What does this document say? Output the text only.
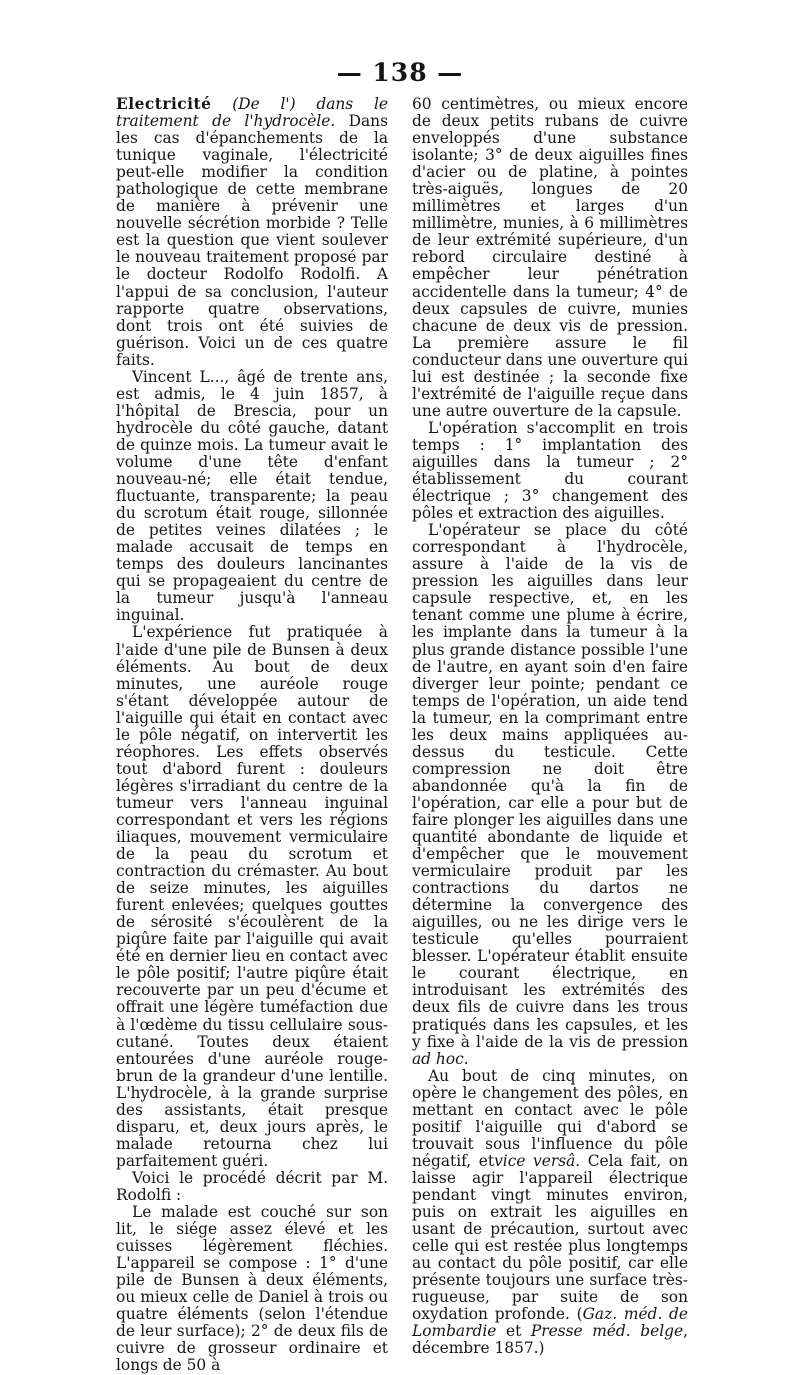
— 138 —

Electricité (De l') dans le traitement de l'hydrocèle. Dans les cas d'épanchements de la tunique vaginale, l'électricité peut-elle modifier la condition pathologique de cette membrane de manière à prévenir une nouvelle sécrétion morbide ? Telle est la question que vient soulever le nouveau traitement proposé par le docteur Rodolfo Rodolfi. A l'appui de sa conclusion, l'auteur rapporte quatre observations, dont trois ont été suivies de guérison. Voici un de ces quatre faits.

Vincent L..., âgé de trente ans, est admis, le 4 juin 1857, à l'hôpital de Brescia, pour un hydrocèle du côté gauche, datant de quinze mois. La tumeur avait le volume d'une tête d'enfant nouveau-né; elle était tendue, fluctuante, transparente; la peau du scrotum était rouge, sillonnée de petites veines dilatées ; le malade accusait de temps en temps des douleurs lancinantes qui se propageaient du centre de la tumeur jusqu'à l'anneau inguinal.

L'expérience fut pratiquée à l'aide d'une pile de Bunsen à deux éléments. Au bout de deux minutes, une auréole rouge s'étant développée autour de l'aiguille qui était en contact avec le pôle négatif, on intervertit les réophores. Les effets observés tout d'abord furent : douleurs légères s'irradiant du centre de la tumeur vers l'anneau inguinal correspondant et vers les régions iliaques, mouvement vermiculaire de la peau du scrotum et contraction du crémaster. Au bout de seize minutes, les aiguilles furent enlevées; quelques gouttes de sérosité s'écoulèrent de la piqûre faite par l'aiguille qui avait été en dernier lieu en contact avec le pôle positif; l'autre piqûre était recouverte par un peu d'écume et offrait une légère tuméfaction due à l'œdème du tissu cellulaire sous-cutané. Toutes deux étaient entourées d'une auréole rouge-brun de la grandeur d'une lentille. L'hydrocèle, à la grande surprise des assistants, était presque disparu, et, deux jours après, le malade retourna chez lui parfaitement guéri.

Voici le procédé décrit par M. Rodolfi :

Le malade est couché sur son lit, le siége assez élevé et les cuisses légèrement fléchies. L'appareil se compose : 1° d'une pile de Bunsen à deux éléments, ou mieux celle de Daniel à trois ou quatre éléments (selon l'étendue de leur surface); 2° de deux fils de cuivre de grosseur ordinaire et longs de 50 à

60 centimètres, ou mieux encore de deux petits rubans de cuivre enveloppés d'une substance isolante; 3° de deux aiguilles fines d'acier ou de platine, à pointes très-aiguës, longues de 20 millimètres et larges d'un millimètre, munies, à 6 millimètres de leur extrémité supérieure, d'un rebord circulaire destiné à empêcher leur pénétration accidentelle dans la tumeur; 4° de deux capsules de cuivre, munies chacune de deux vis de pression. La première assure le fil conducteur dans une ouverture qui lui est destinée ; la seconde fixe l'extrémité de l'aiguille reçue dans une autre ouverture de la capsule.

L'opération s'accomplit en trois temps : 1° implantation des aiguilles dans la tumeur ; 2° établissement du courant électrique ; 3° changement des pôles et extraction des aiguilles.

L'opérateur se place du côté correspondant à l'hydrocèle, assure à l'aide de la vis de pression les aiguilles dans leur capsule respective, et, en les tenant comme une plume à écrire, les implante dans la tumeur à la plus grande distance possible l'une de l'autre, en ayant soin d'en faire diverger leur pointe; pendant ce temps de l'opération, un aide tend la tumeur, en la comprimant entre les deux mains appliquées au-dessus du testicule. Cette compression ne doit être abandonnée qu'à la fin de l'opération, car elle a pour but de faire plonger les aiguilles dans une quantité abondante de liquide et d'empêcher que le mouvement vermiculaire produit par les contractions du dartos ne détermine la convergence des aiguilles, ou ne les dirige vers le testicule qu'elles pourraient blesser. L'opérateur établit ensuite le courant électrique, en introduisant les extrémités des deux fils de cuivre dans les trous pratiqués dans les capsules, et les y fixe à l'aide de la vis de pression ad hoc.

Au bout de cinq minutes, on opère le changement des pôles, en mettant en contact avec le pôle positif l'aiguille qui d'abord se trouvait sous l'influence du pôle négatif, etvice versâ. Cela fait, on laisse agir l'appareil électrique pendant vingt minutes environ, puis on extrait les aiguilles en usant de précaution, surtout avec celle qui est restée plus longtemps au contact du pôle positif, car elle présente toujours une surface très-rugueuse, par suite de son oxydation profonde. (Gaz. méd. de Lombardie et Presse méd. belge, décembre 1857.)
